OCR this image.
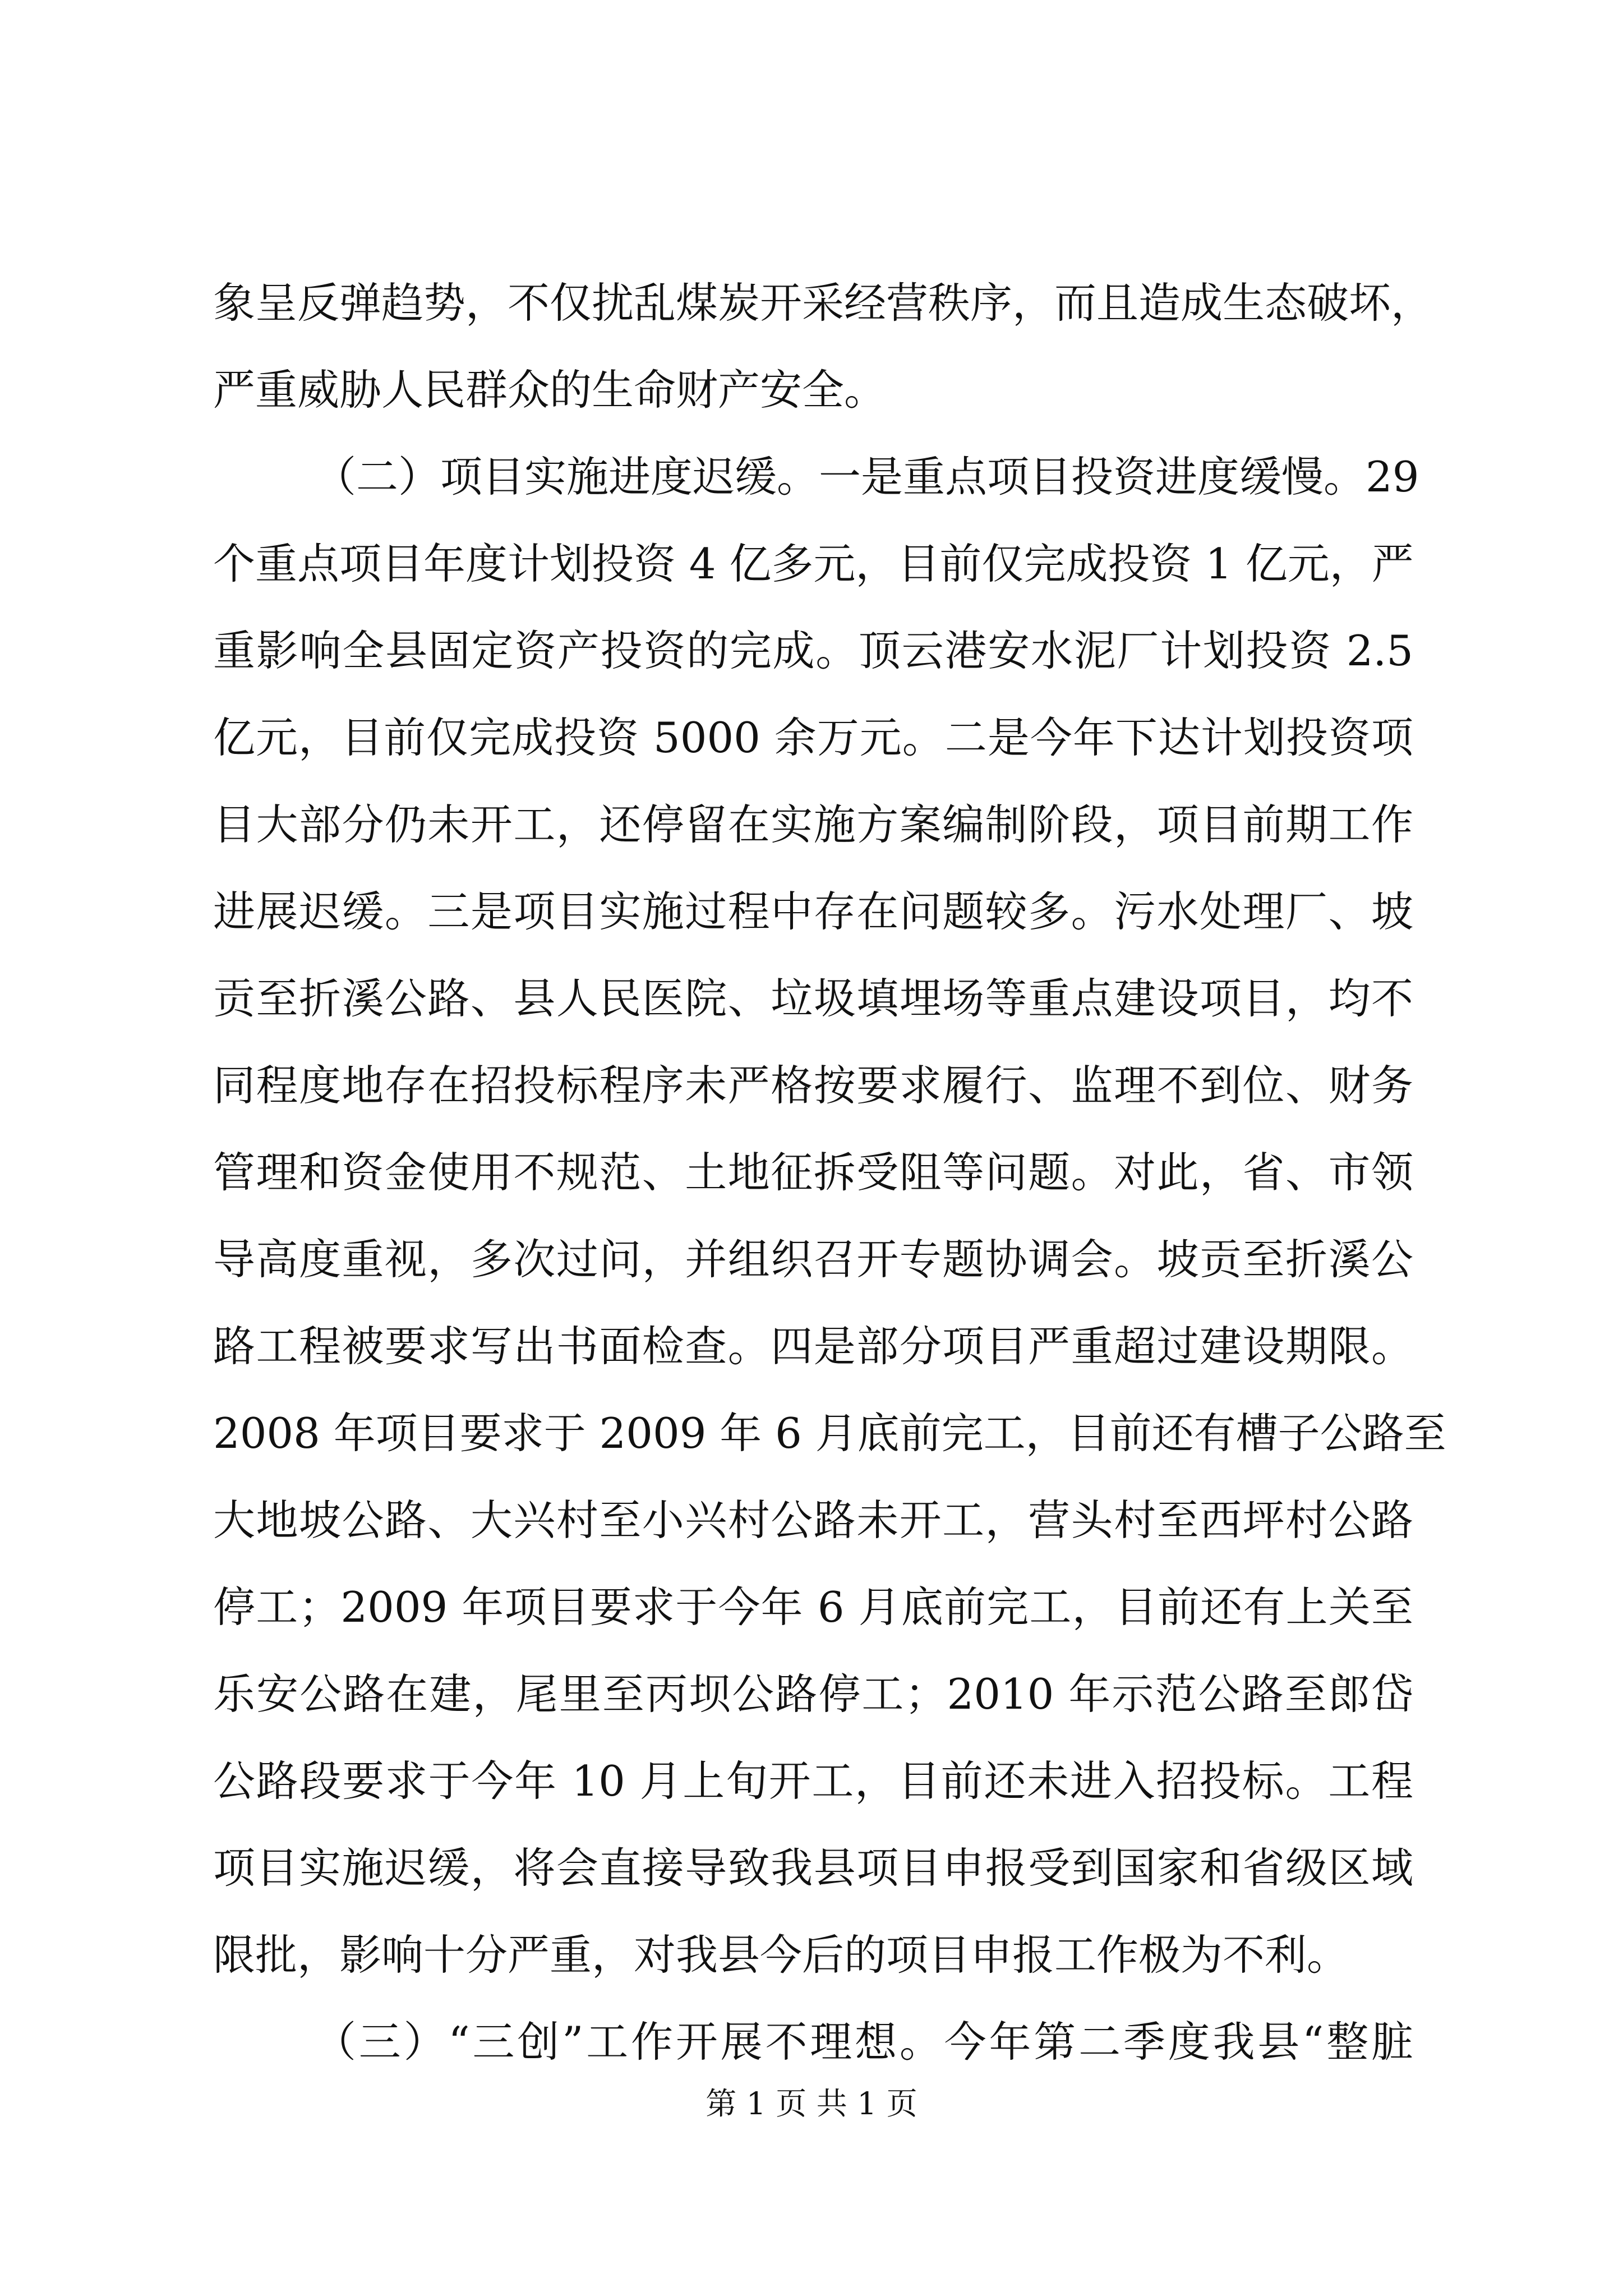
象呈反弹趋势，不仅扰乱煤炭开采经营秩序，而且造成生态破坏，
严重威胁人民群众的生命财产安全。
（二）项目实施进度迟缓。一是重点项目投资进度缓慢。29
个重点项目年度计划投资 4 亿多元，目前仅完成投资 1 亿元，严
重影响全县固定资产投资的完成。顶云港安水泥厂计划投资 2.5
亿元，目前仅完成投资 5000 余万元。二是今年下达计划投资项
目大部分仍未开工，还停留在实施方案编制阶段，项目前期工作
进展迟缓。三是项目实施过程中存在问题较多。污水处理厂、坡
贡至折溪公路、县人民医院、垃圾填埋场等重点建设项目，均不
同程度地存在招投标程序未严格按要求履行、监理不到位、财务
管理和资金使用不规范、土地征拆受阻等问题。对此，省、市领
导高度重视，多次过问，并组织召开专题协调会。坡贡至折溪公
路工程被要求写出书面检查。四是部分项目严重超过建设期限。
2008 年项目要求于 2009 年 6 月底前完工，目前还有槽子公路至
大地坡公路、大兴村至小兴村公路未开工，营头村至西坪村公路
停工；2009 年项目要求于今年 6 月底前完工，目前还有上关至
乐安公路在建，尾里至丙坝公路停工；2010 年示范公路至郎岱
公路段要求于今年 10 月上旬开工，目前还未进入招投标。工程
项目实施迟缓，将会直接导致我县项目申报受到国家和省级区域
限批，影响十分严重，对我县今后的项目申报工作极为不利。
（三）“三创”工作开展不理想。今年第二季度我县“整脏
第 1 页 共 1 页
